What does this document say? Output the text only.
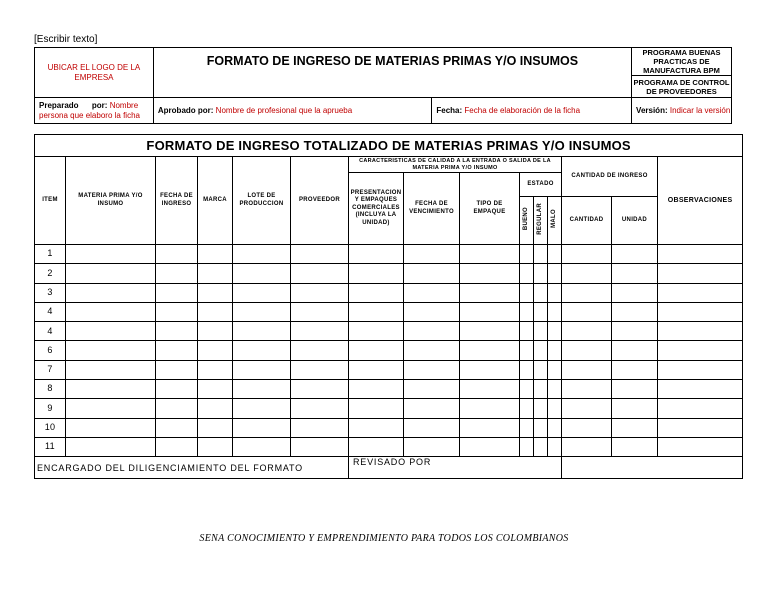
[Escribir texto]
UBICAR EL LOGO DE LA EMPRESA	FORMATO DE INGRESO DE MATERIAS PRIMAS Y/O INSUMOS		PROGRAMA BUENAS PRACTICAS DE MANUFACTURA BPM
			PROGRAMA DE CONTROL DE PROVEEDORES
Preparado      por: Nombre persona que elaboro la ficha	Aprobado por: Nombre de profesional que la aprueba	Fecha: Fecha de elaboración de la ficha	Versión: Indicar la versión
FORMATO DE INGRESO TOTALIZADO DE MATERIAS PRIMAS Y/O INSUMOS														
ITEM	MATERIA PRIMA Y/O INSUMO	FECHA DE INGRESO	MARCA	LOTE DE PRODUCCION	PROVEEDOR	CARACTERISTICAS DE CALIDAD A LA ENTRADA O SALIDA DE LA MATERIA PRIMA Y/O INSUMO						CANTIDAD DE INGRESO		OBSERVACIONES
						PRESENTACION Y EMPAQUES COMERCIALES (INCLUYA LA UNIDAD)	FECHA DE VENCIMIENTO	TIPO DE EMPAQUE	ESTADO					
									BUENO	REGULAR	MALO	CANTIDAD	UNIDAD	
1														
2														
3														
4														
4														
6														
7														
8														
9														
10														
11														
ENCARGADO DEL DILIGENCIAMIENTO DEL FORMATO						REVISADO POR								
SENA CONOCIMIENTO Y EMPRENDIMIENTO PARA TODOS LOS COLOMBIANOS
